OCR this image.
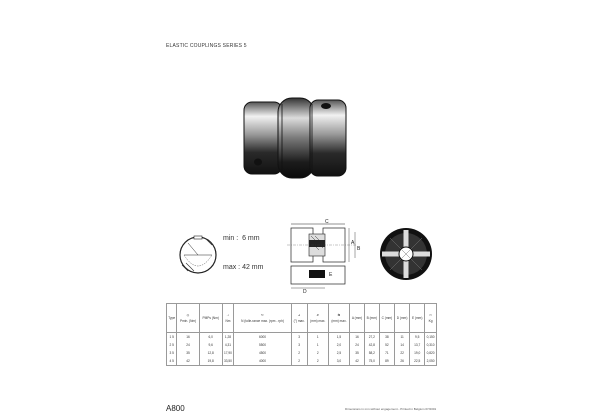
ELASTIC COUPLINGS SERIES 5
min :  6 mm
max : 42 mm
C
A
B
E
D
Type	◎
Pmin. (Nm)	PMPs (Nm)	⊸
Nm	↻
N (tolle-rance max. (rpm - rph)	⊿
(°) max.	⇵
(mm) max.	⇆
(mm) max.	A (mm)	B (mm)	C (mm)	D (mm)	E (mm)	▭
Kg

1 5	16	6,0	1,28	6000	3	1	1,5	16	27,2	38	11	9,5	0,150
2 5	24	9,6	4,31	5500	3	1	2,0	24	42,8	52	14	13,7	0,310
3 5	35	12,8	17,90	4500	2	2	2,5	35	58,2	71	22	19,0	0,820
4 5	42	19,8	33,50	4000	2	2	3,0	42	75,0	89	26	22,5	2,050
A800	Dimensions in mm without engagement - Printed in Belgium 07/2001
